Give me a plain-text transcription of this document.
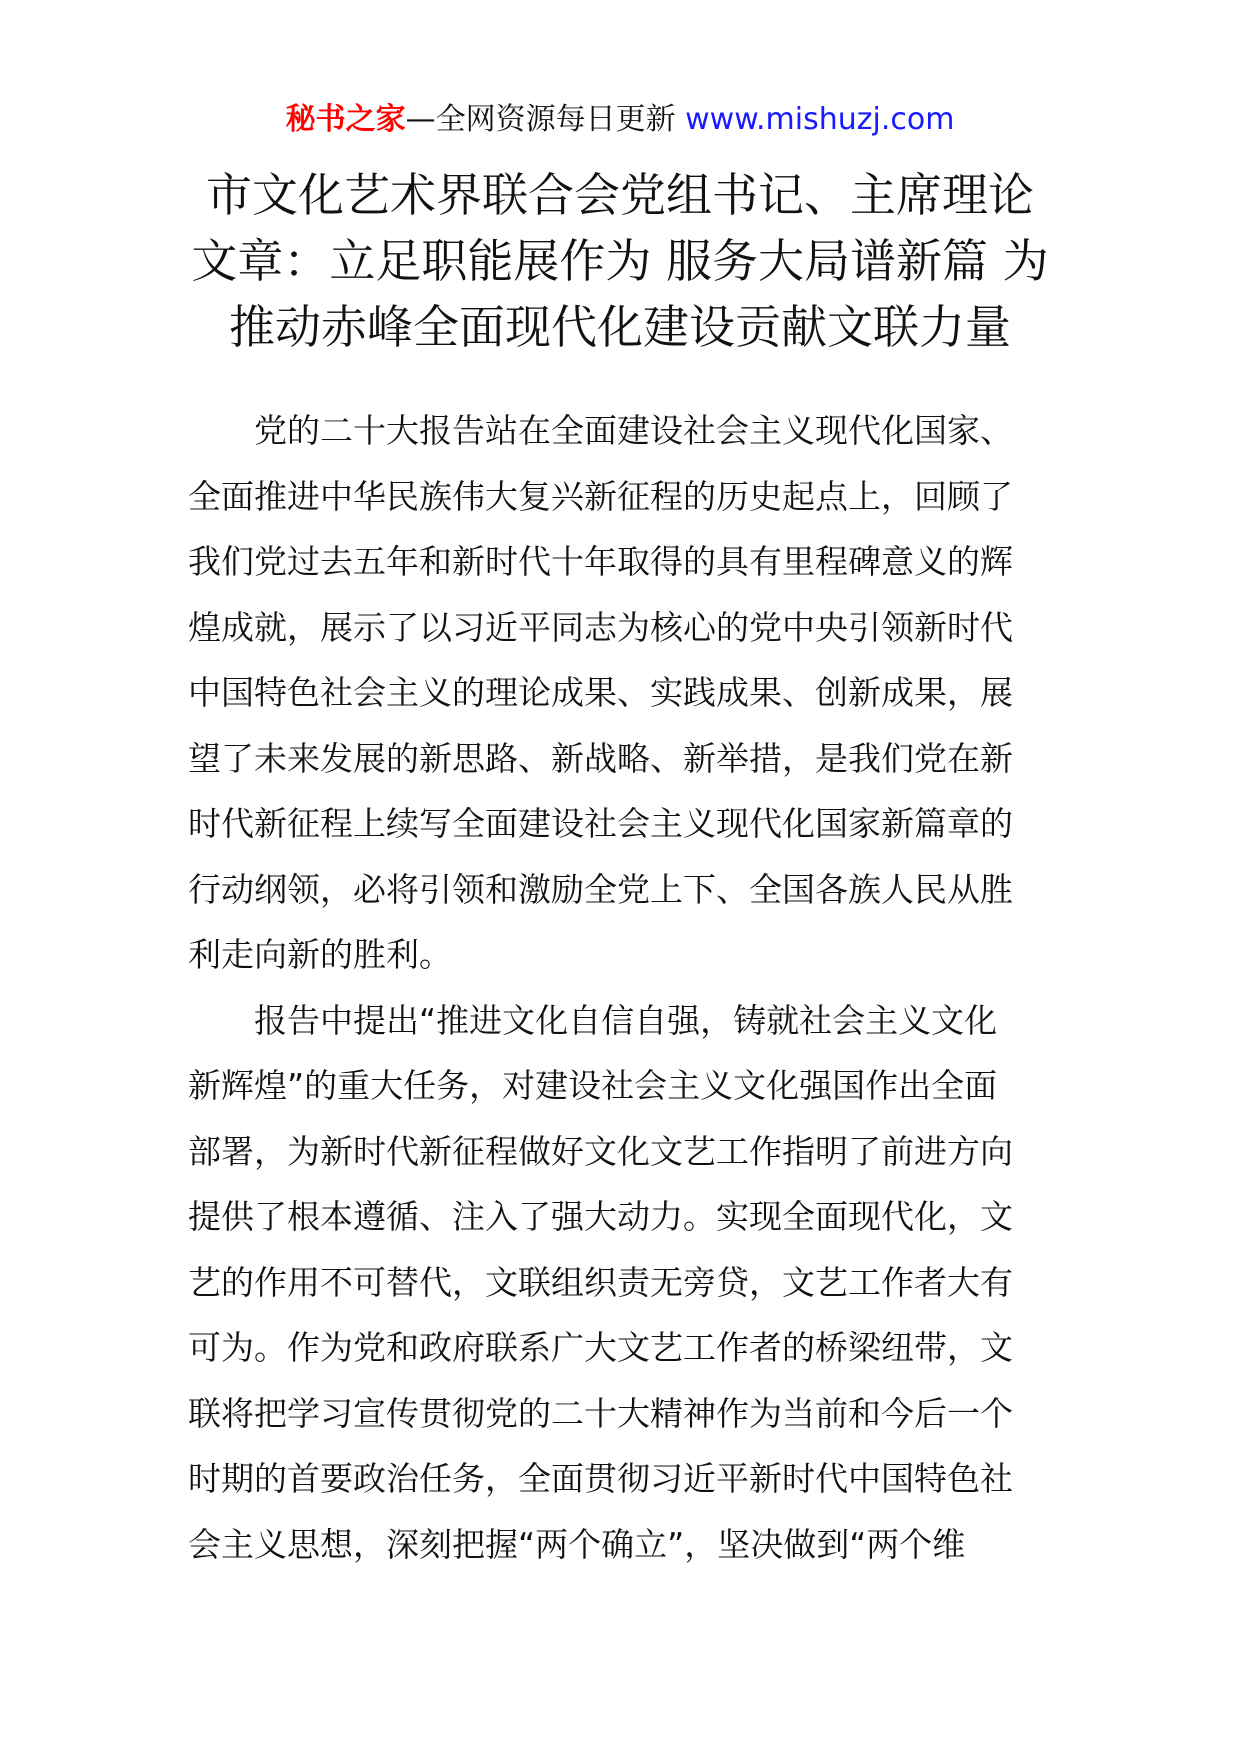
秘书之家—全网资源每日更新 www.mishuzj.com
市文化艺术界联合会党组书记、主席理论
文章：立足职能展作为 服务大局谱新篇 为
推动赤峰全面现代化建设贡献文联力量
党的二十大报告站在全面建设社会主义现代化国家、
全面推进中华民族伟大复兴新征程的历史起点上，回顾了
我们党过去五年和新时代十年取得的具有里程碑意义的辉
煌成就，展示了以习近平同志为核心的党中央引领新时代
中国特色社会主义的理论成果、实践成果、创新成果，展
望了未来发展的新思路、新战略、新举措，是我们党在新
时代新征程上续写全面建设社会主义现代化国家新篇章的
行动纲领，必将引领和激励全党上下、全国各族人民从胜
利走向新的胜利。
报告中提出“推进文化自信自强，铸就社会主义文化
新辉煌”的重大任务，对建设社会主义文化强国作出全面
部署，为新时代新征程做好文化文艺工作指明了前进方向
提供了根本遵循、注入了强大动力。实现全面现代化，文
艺的作用不可替代，文联组织责无旁贷，文艺工作者大有
可为。作为党和政府联系广大文艺工作者的桥梁纽带，文
联将把学习宣传贯彻党的二十大精神作为当前和今后一个
时期的首要政治任务，全面贯彻习近平新时代中国特色社
会主义思想，深刻把握“两个确立”，坚决做到“两个维
